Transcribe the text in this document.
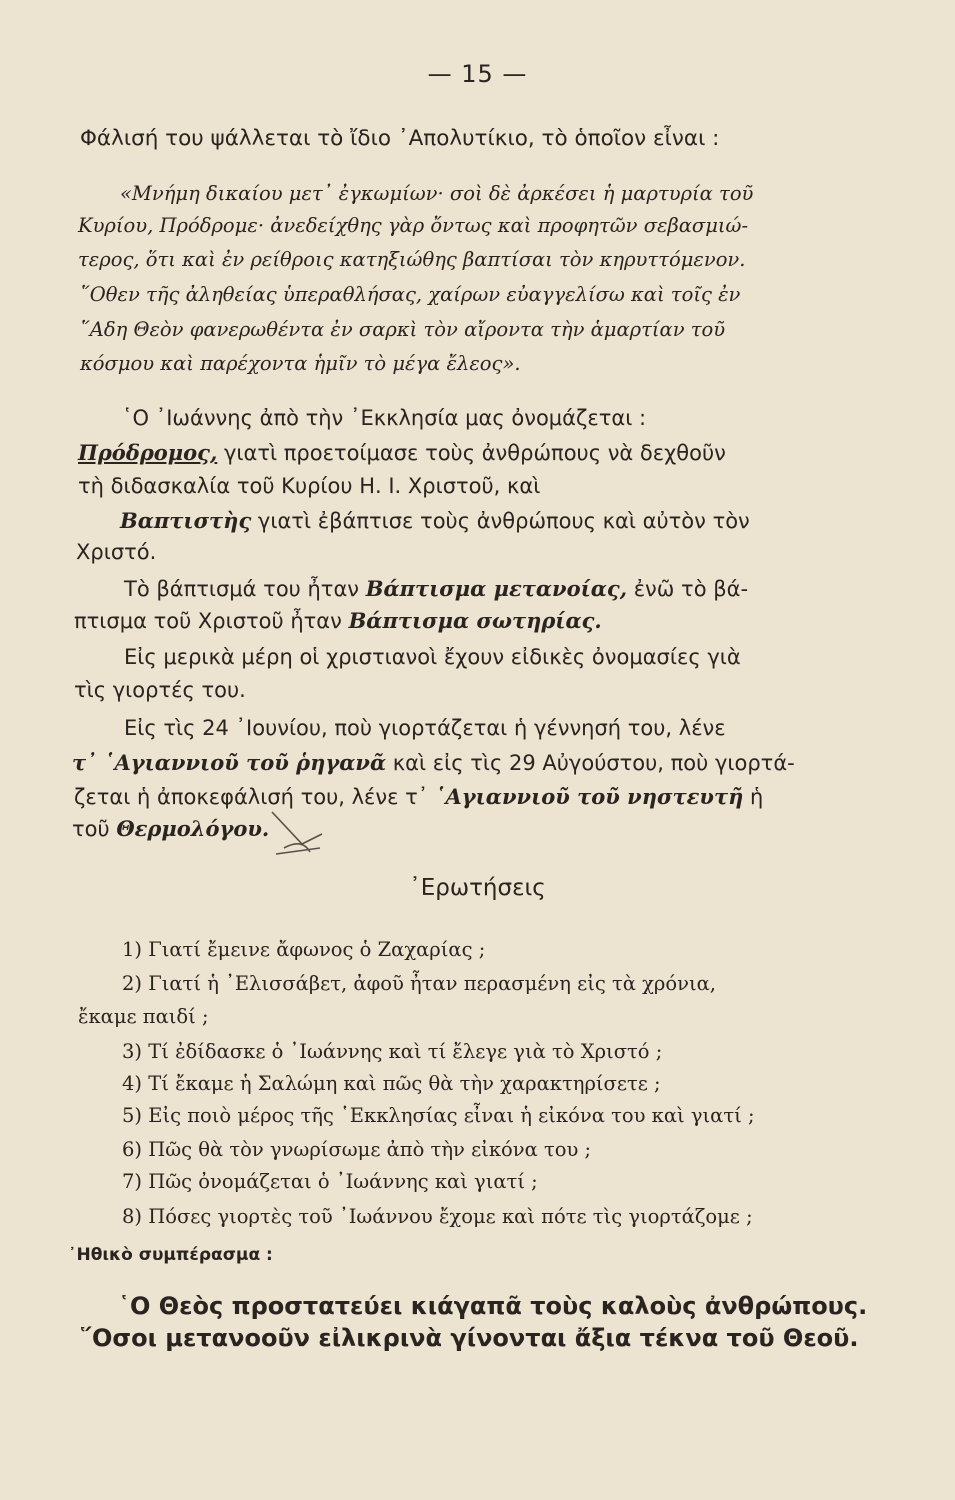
— 15 —
Φάλισή του ψάλλεται τὸ ἴδιο ᾽Απολυτίκιο, τὸ ὁποῖον εἶναι :
«Μνήμη δικαίου μετ᾽ ἐγκωμίων· σοὶ δὲ ἀρκέσει ἡ μαρτυρία τοῦ
Κυρίου, Πρόδρομε· ἀνεδείχθης γὰρ ὄντως καὶ προφητῶν σεβασμιώ-
τερος, ὅτι καὶ ἐν ρείθροις κατηξιώθης βαπτίσαι τὸν κηρυττόμενον.
῞Οθεν τῆς ἀληθείας ὑπεραθλήσας, χαίρων εὐαγγελίσω καὶ τοῖς ἐν
῞Αδη Θεὸν φανερωθέντα ἐν σαρκὶ τὸν αἴροντα τὴν ἁμαρτίαν τοῦ
κόσμου καὶ παρέχοντα ἡμῖν τὸ μέγα ἔλεος».
῾Ο ᾽Ιωάννης ἀπὸ τὴν ᾽Εκκλησία μας ὀνομάζεται :
Πρόδρομος, γιατὶ προετοίμασε τοὺς ἀνθρώπους νὰ δεχθοῦν
τὴ διδασκαλία τοῦ Κυρίου Η. Ι. Χριστοῦ, καὶ
Βαπτιστὴς γιατὶ ἐβάπτισε τοὺς ἀνθρώπους καὶ αὐτὸν τὸν
Χριστό.
Τὸ βάπτισμά του ἦταν Βάπτισμα μετανοίας, ἐνῶ τὸ βά-
πτισμα τοῦ Χριστοῦ ἦταν Βάπτισμα σωτηρίας.
Εἰς μερικὰ μέρη οἱ χριστιανοὶ ἔχουν εἰδικὲς ὀνομασίες γιὰ
τὶς γιορτές του.
Εἰς τὶς 24 ᾽Ιουνίου, ποὺ γιορτάζεται ἡ γέννησή του, λένε
τ᾽ ῾Αγιαννιοῦ τοῦ ῥηγανᾶ καὶ εἰς τὶς 29 Αὐγούστου, ποὺ γιορτά-
ζεται ἡ ἀποκεφάλισή του, λένε τ᾽ ῾Αγιαννιοῦ τοῦ νηστευτῆ ἡ
τοῦ Θερμολόγου.
᾽Ερωτήσεις
1) Γιατί ἔμεινε ἄφωνος ὁ Ζαχαρίας ;
2) Γιατί ἡ ᾽Ελισσάβετ, ἀφοῦ ἦταν περασμένη εἰς τὰ χρόνια,
ἔκαμε παιδί ;
3) Τί ἐδίδασκε ὁ ᾽Ιωάννης καὶ τί ἔλεγε γιὰ τὸ Χριστό ;
4) Τί ἔκαμε ἡ Σαλώμη καὶ πῶς θὰ τὴν χαρακτηρίσετε ;
5) Εἰς ποιὸ μέρος τῆς ῾Εκκλησίας εἶναι ἡ εἰκόνα του καὶ γιατί ;
6) Πῶς θὰ τὸν γνωρίσωμε ἀπὸ τὴν εἰκόνα του ;
7) Πῶς ὀνομάζεται ὁ ᾽Ιωάννης καὶ γιατί ;
8) Πόσες γιορτὲς τοῦ ᾽Ιωάννου ἔχομε καὶ πότε τὶς γιορτάζομε ;
᾽Ηθικὸ συμπέρασμα :
῾Ο Θεὸς προστατεύει κιάγαπᾶ τοὺς καλοὺς ἀνθρώπους.
῞Οσοι μετανοοῦν εἰλικρινὰ γίνονται ἄξια τέκνα τοῦ Θεοῦ.
